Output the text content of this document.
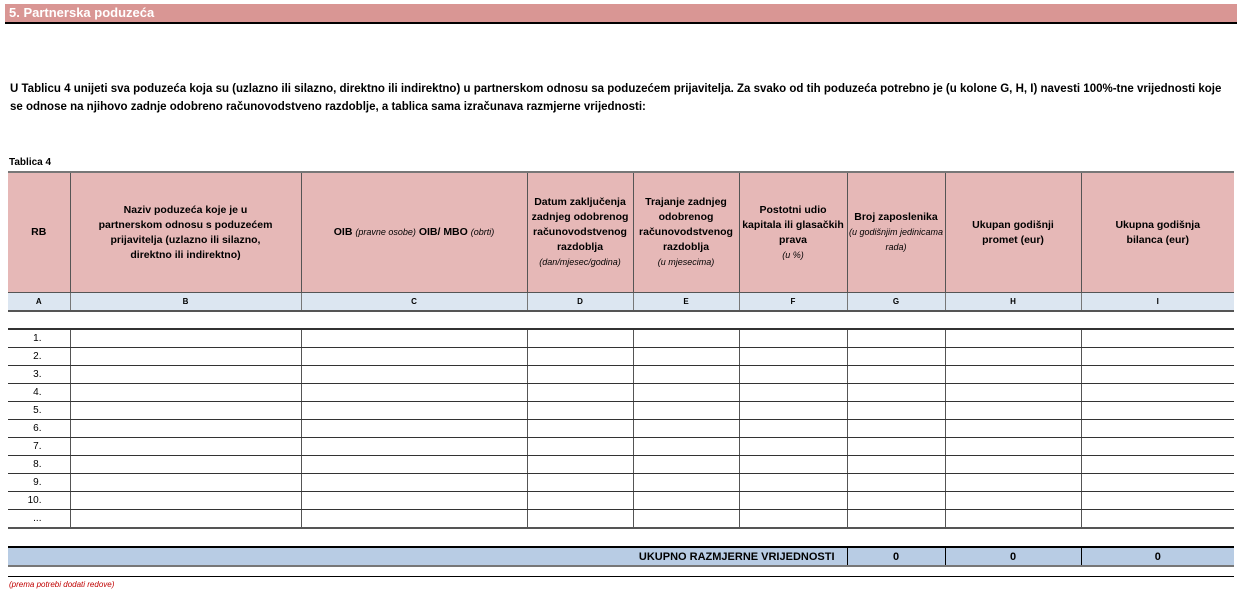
5. Partnerska poduzeća
U Tablicu 4 unijeti sva poduzeća koja su (uzlazno ili silazno, direktno ili indirektno) u partnerskom odnosu sa poduzećem prijavitelja. Za svako od tih poduzeća potrebno je (u kolone G, H, I) navesti 100%-tne vrijednosti koje se odnose na njihovo zadnje odobreno računovodstveno razdoblje, a tablica sama izračunava razmjerne vrijednosti:
Tablica 4
RB	Naziv poduzeća koje je u partnerskom odnosu s poduzećem prijavitelja (uzlazno ili silazno, direktno ili indirektno)	OIB (pravne osobe) OIB/ MBO (obrti)	Datum zaključenja zadnjeg odobrenog računovodstvenog razdoblja
(dan/mjesec/godina)	Trajanje zadnjeg odobrenog računovodstvenog razdoblja
(u mjesecima)	Postotni udio kapitala ili glasačkih prava
(u %)	Broj zaposlenika
(u godišnjim jedinicama rada)	Ukupan godišnji promet (eur)	Ukupna godišnja bilanca (eur)

A	B	C	D	E	F	G	H	I

1.								
2.								
3.								
4.								
5.								
6.								
7.								
8.								
9.								
10.								
...								

UKUPNO RAZMJERNE VRIJEDNOSTI						0	0	0
(prema potrebi dodati redove)
